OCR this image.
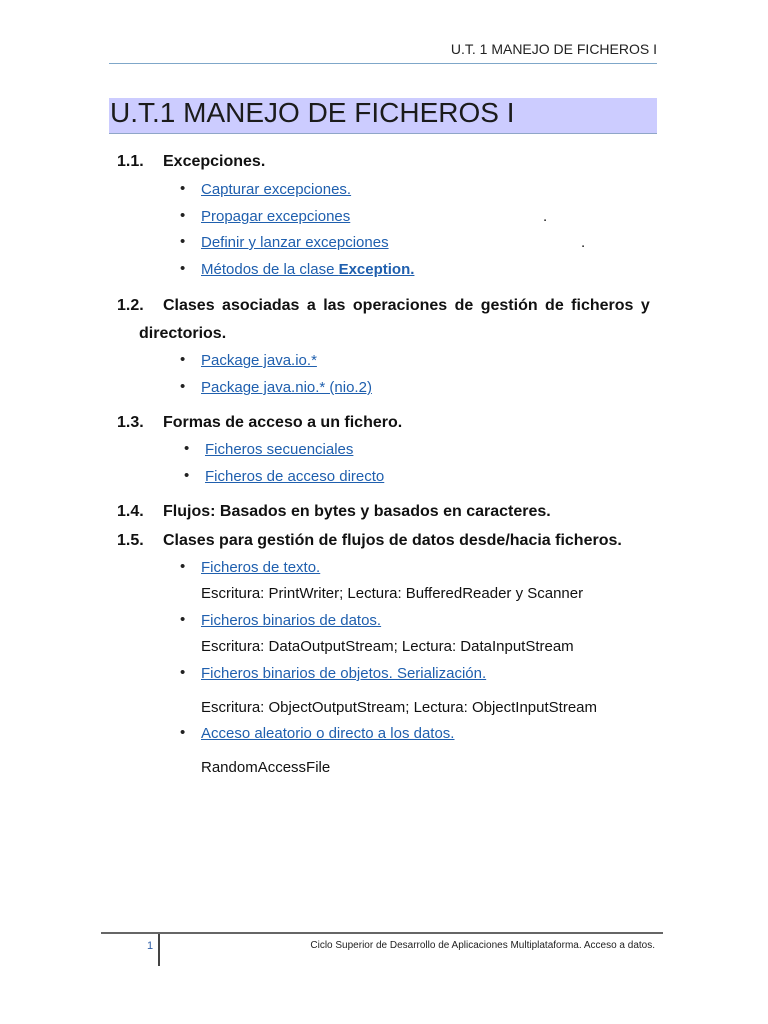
U.T. 1 MANEJO DE FICHEROS I
U.T.1 MANEJO DE FICHEROS I
1.1. Excepciones.
• Capturar excepciones.
• Propagar excepciones	.
• Definir y lanzar excepciones	.
• Métodos de la clase Exception.
1.2. Clases asociadas a las operaciones de gestión de ficheros y
directorios.
• Package java.io.*
• Package java.nio.* (nio.2)
1.3. Formas de acceso a un fichero.
• Ficheros secuenciales
• Ficheros de acceso directo
1.4. Flujos: Basados en bytes y basados en caracteres.
1.5. Clases para gestión de flujos de datos desde/hacia ficheros.
• Ficheros de texto.
Escritura: PrintWriter; Lectura: BufferedReader y Scanner
• Ficheros binarios de datos.
Escritura: DataOutputStream; Lectura: DataInputStream
• Ficheros binarios de objetos. Serialización.
Escritura: ObjectOutputStream; Lectura: ObjectInputStream
• Acceso aleatorio o directo a los datos.
RandomAccessFile
1	Ciclo Superior de Desarrollo de Aplicaciones Multiplataforma. Acceso a datos.
